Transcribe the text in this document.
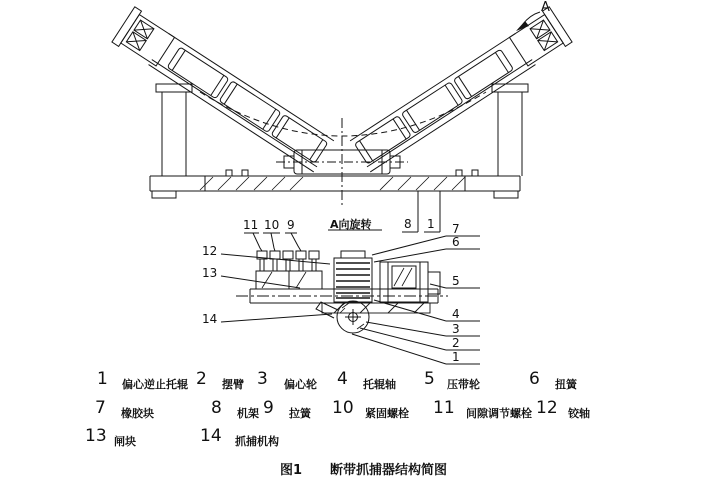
A
A向旋转
11 10 9	8 1 7
6
5
4
3
2
1
12
13
14
1 偏心逆止托辊 2 摆臂 3 偏心轮 4 托辊轴 5 压带轮	6 扭簧
7 橡胶块	8 机架 9 拉簧 10 紧固螺栓 11 间隙调节螺栓 12 铰轴
13 闸块	14 抓捕机构
图1 断带抓捕器结构简图
